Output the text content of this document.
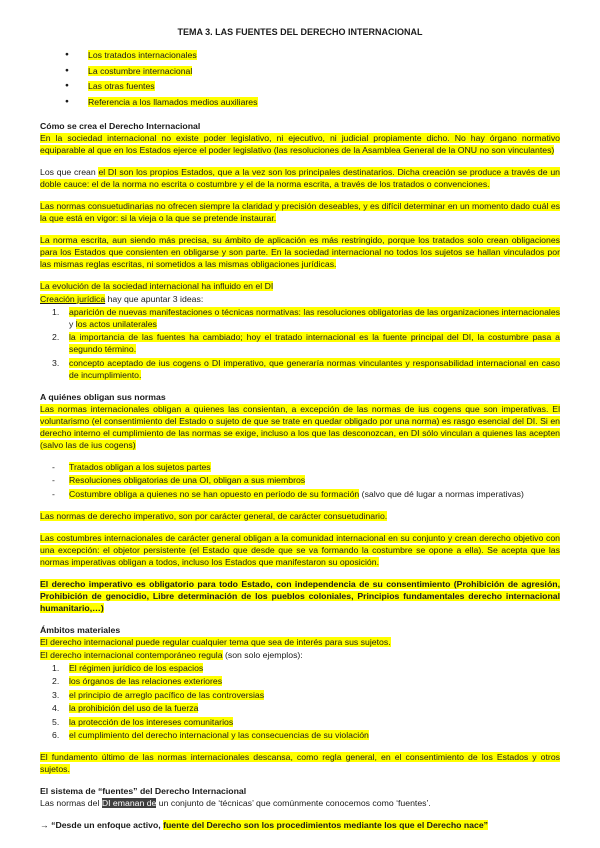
TEMA 3. LAS FUENTES DEL DERECHO INTERNACIONAL
●	Los tratados internacionales
●	La costumbre internacional
●	Las otras fuentes
●	Referencia a los llamados medios auxiliares
Cómo se crea el Derecho Internacional
En la sociedad internacional no existe poder legislativo, ni ejecutivo, ni judicial propiamente dicho. No hay órgano normativo equiparable al que en los Estados ejerce el poder legislativo (las resoluciones de la Asamblea General de la ONU no son vinculantes)
Los que crean el DI son los propios Estados, que a la vez son los principales destinatarios. Dicha creación se produce a través de un doble cauce: el de la norma no escrita o costumbre y el de la norma escrita, a través de los tratados o convenciones.
Las normas consuetudinarias no ofrecen siempre la claridad y precisión deseables, y es difícil determinar en un momento dado cuál es la que está en vigor: si la vieja o la que se pretende instaurar.
La norma escrita, aun siendo más precisa, su ámbito de aplicación es más restringido, porque los tratados solo crean obligaciones para los Estados que consienten en obligarse y son parte. En la sociedad internacional no todos los sujetos se hallan vinculados por las mismas reglas escritas, ni sometidos a las mismas obligaciones jurídicas.
La evolución de la sociedad internacional ha influido en el DI
Creación jurídica hay que apuntar 3 ideas:
1.	aparición de nuevas manifestaciones o técnicas normativas: las resoluciones obligatorias de las organizaciones internacionales y los actos unilaterales
2.	la importancia de las fuentes ha cambiado; hoy el tratado internacional es la fuente principal del DI, la costumbre pasa a segundo término.
3.	concepto aceptado de ius cogens o DI imperativo, que generaría normas vinculantes y responsabilidad internacional en caso de incumplimiento.
A quiénes obligan sus normas
Las normas internacionales obligan a quienes las consientan, a excepción de las normas de ius cogens que son imperativas. El voluntarismo (el consentimiento del Estado o sujeto de que se trate en quedar obligado por una norma) es rasgo esencial del DI. Si en derecho interno el cumplimiento de las normas se exige, incluso a los que las desconozcan, en DI sólo vinculan a quienes las acepten (salvo las de ius cogens)
-	Tratados obligan a los sujetos partes
-	Resoluciones obligatorias de una OI, obligan a sus miembros
-	Costumbre obliga a quienes no se han opuesto en período de su formación (salvo que dé lugar a normas imperativas)
Las normas de derecho imperativo, son por carácter general, de carácter consuetudinario.
Las costumbres internacionales de carácter general obligan a la comunidad internacional en su conjunto y crean derecho objetivo con una excepción: el objetor persistente (el Estado que desde que se va formando la costumbre se opone a ella). Se acepta que las normas imperativas obligan a todos, incluso los Estados que manifestaron su oposición.
El derecho imperativo es obligatorio para todo Estado, con independencia de su consentimiento (Prohibición de agresión, Prohibición de genocidio, Libre determinación de los pueblos coloniales, Principios fundamentales derecho internacional humanitario,…)
Ámbitos materiales
El derecho internacional puede regular cualquier tema que sea de interés para sus sujetos.
El derecho internacional contemporáneo regula (son solo ejemplos):
1.	El régimen jurídico de los espacios
2.	los órganos de las relaciones exteriores
3.	el principio de arreglo pacífico de las controversias
4.	la prohibición del uso de la fuerza
5.	la protección de los intereses comunitarios
6.	el cumplimiento del derecho internacional y las consecuencias de su violación
El fundamento último de las normas internacionales descansa, como regla general, en el consentimiento de los Estados y otros sujetos.
El sistema de “fuentes” del Derecho Internacional
Las normas del DI emanan de un conjunto de ‘técnicas’ que comúnmente conocemos como ‘fuentes’.
→ “Desde un enfoque activo, fuente del Derecho son los procedimientos mediante los que el Derecho nace”
